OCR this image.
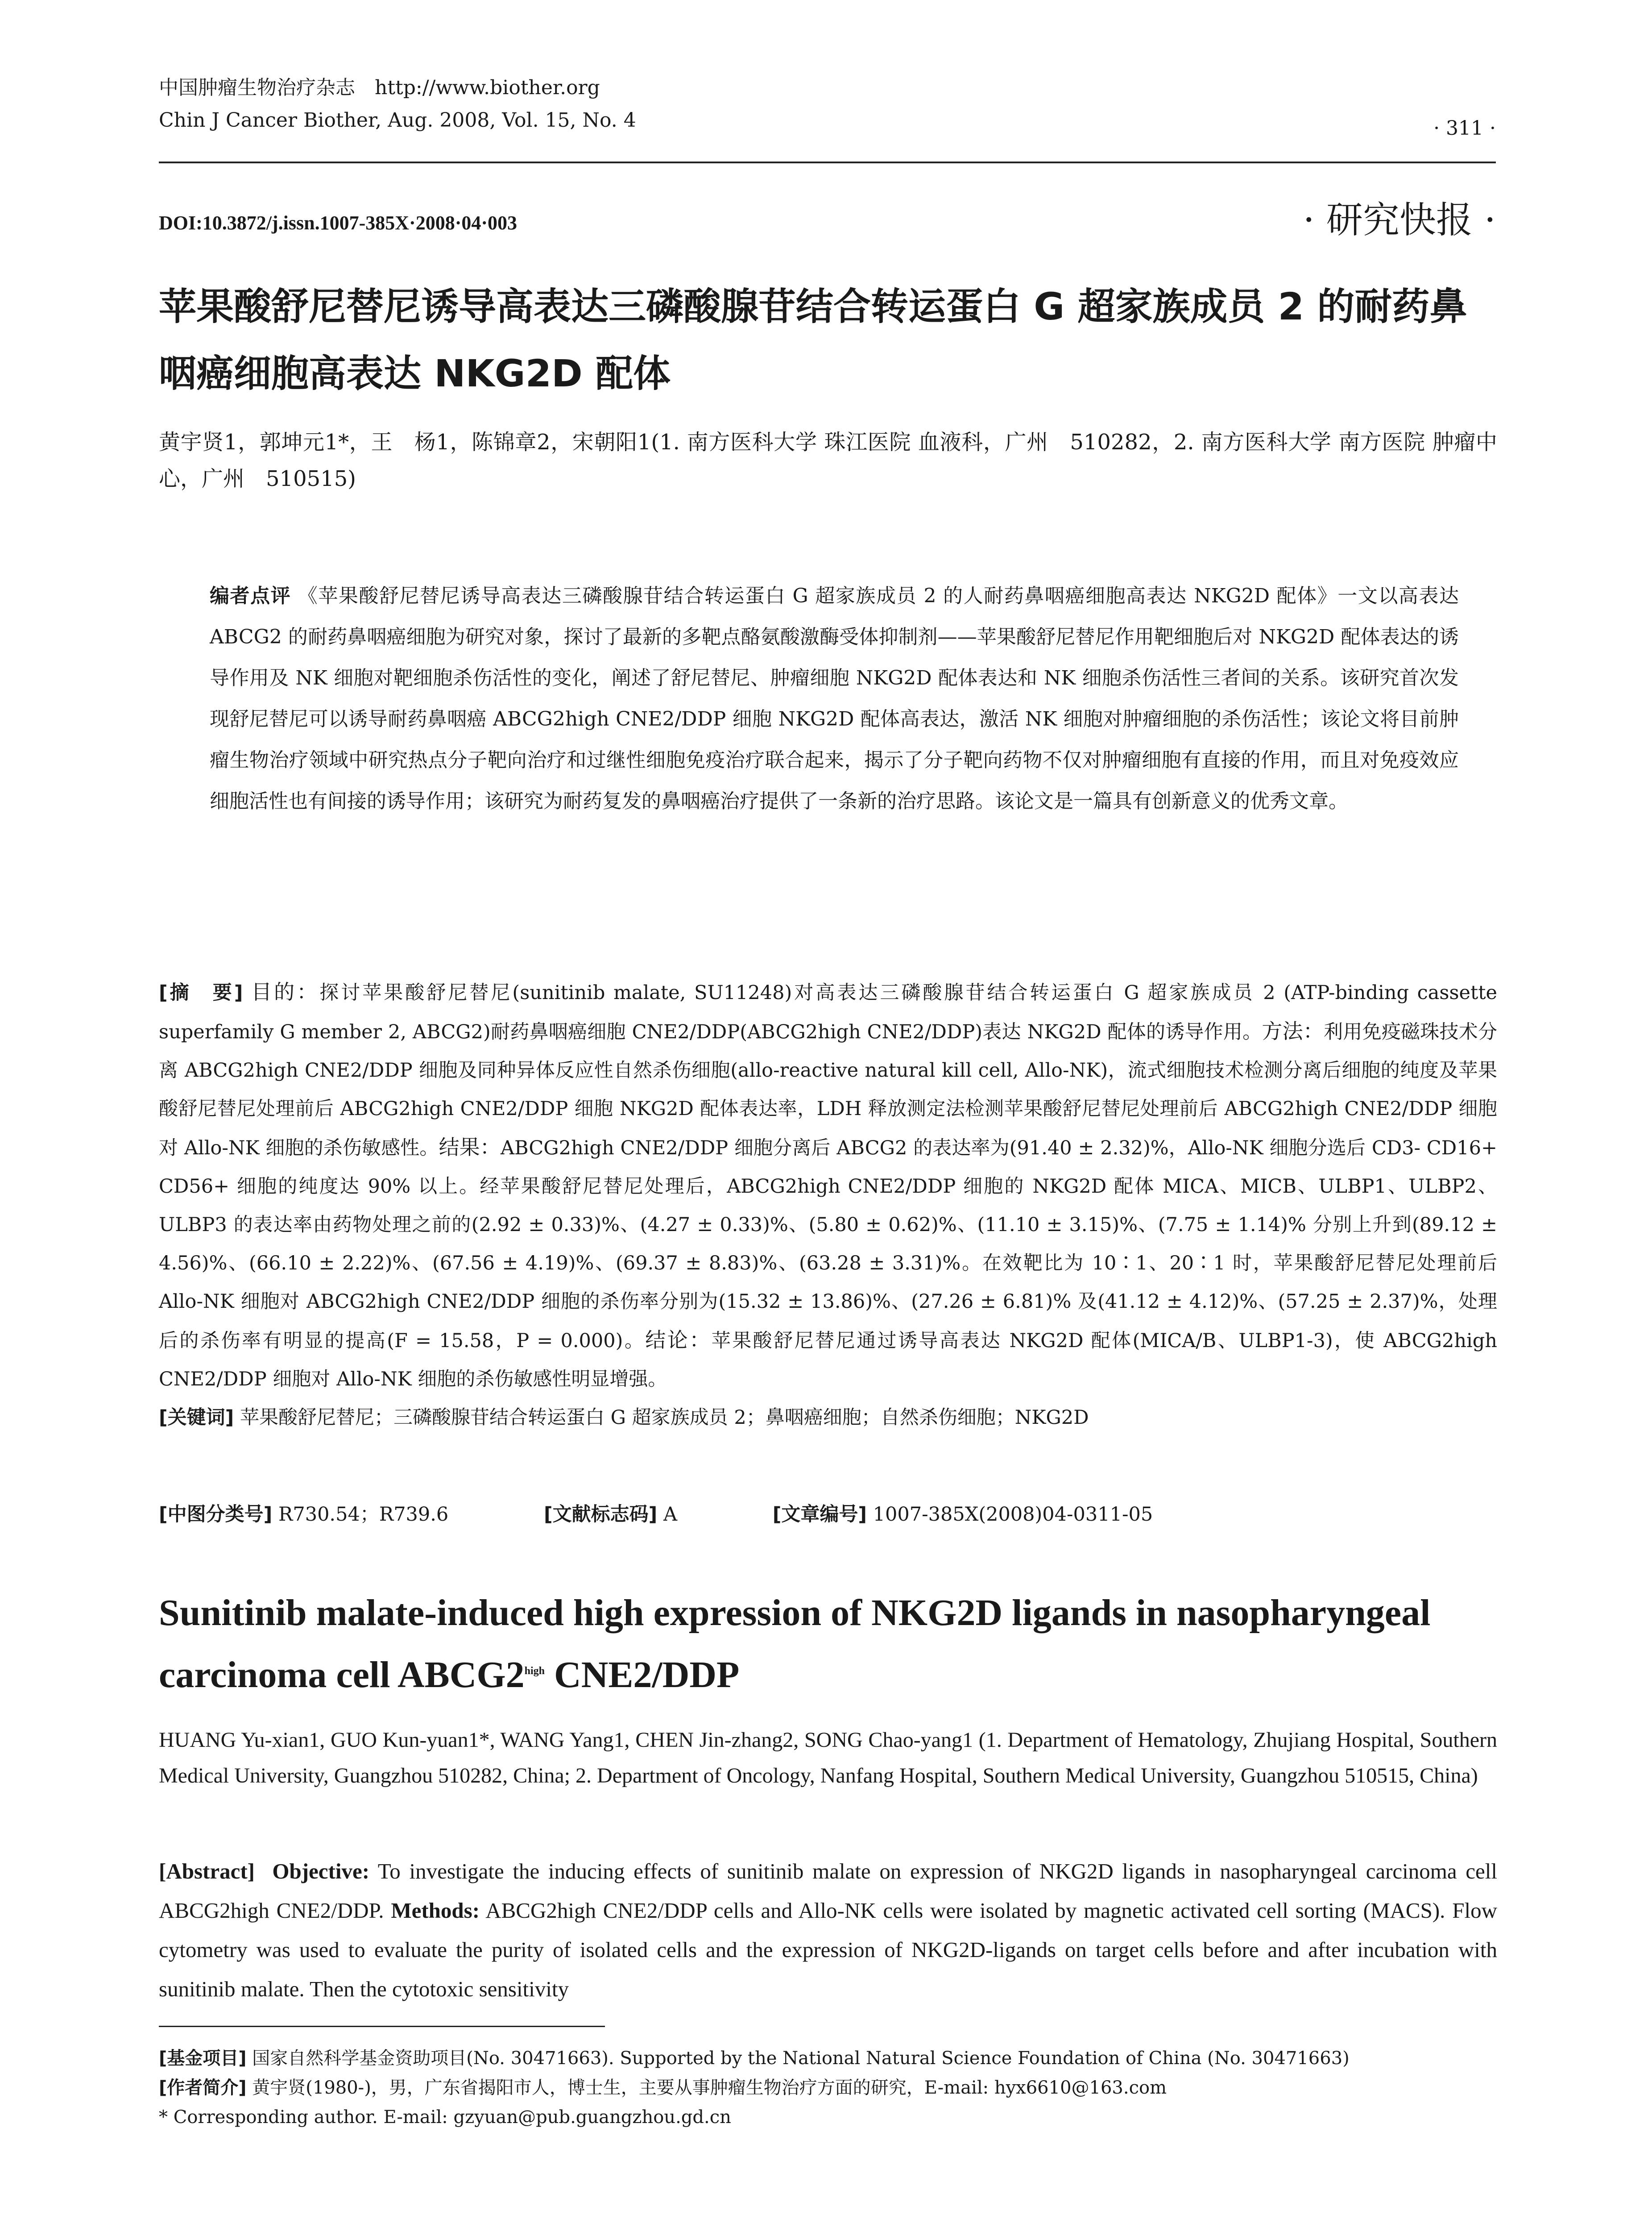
中国肿瘤生物治疗杂志　http://www.biother.org
Chin J Cancer Biother, Aug. 2008, Vol. 15, No. 4	· 311 ·
DOI:10.3872/j.issn.1007-385X·2008·04·003	· 研究快报 ·
苹果酸舒尼替尼诱导高表达三磷酸腺苷结合转运蛋白 G 超家族成员 2 的耐药鼻咽癌细胞高表达 NKG2D 配体
黄宇贤1，郭坤元1*，王　杨1，陈锦章2，宋朝阳1(1. 南方医科大学 珠江医院 血液科，广州　510282，2. 南方医科大学 南方医院 肿瘤中心，广州　510515)
编者点评 《苹果酸舒尼替尼诱导高表达三磷酸腺苷结合转运蛋白 G 超家族成员 2 的人耐药鼻咽癌细胞高表达 NKG2D 配体》一文以高表达 ABCG2 的耐药鼻咽癌细胞为研究对象，探讨了最新的多靶点酪氨酸激酶受体抑制剂——苹果酸舒尼替尼作用靶细胞后对 NKG2D 配体表达的诱导作用及 NK 细胞对靶细胞杀伤活性的变化，阐述了舒尼替尼、肿瘤细胞 NKG2D 配体表达和 NK 细胞杀伤活性三者间的关系。该研究首次发现舒尼替尼可以诱导耐药鼻咽癌 ABCG2high CNE2/DDP 细胞 NKG2D 配体高表达，激活 NK 细胞对肿瘤细胞的杀伤活性；该论文将目前肿瘤生物治疗领域中研究热点分子靶向治疗和过继性细胞免疫治疗联合起来，揭示了分子靶向药物不仅对肿瘤细胞有直接的作用，而且对免疫效应细胞活性也有间接的诱导作用；该研究为耐药复发的鼻咽癌治疗提供了一条新的治疗思路。该论文是一篇具有创新意义的优秀文章。
[摘　要] 目的：探讨苹果酸舒尼替尼(sunitinib malate, SU11248)对高表达三磷酸腺苷结合转运蛋白 G 超家族成员 2 (ATP-binding cassette superfamily G member 2, ABCG2)耐药鼻咽癌细胞 CNE2/DDP(ABCG2high CNE2/DDP)表达 NKG2D 配体的诱导作用。方法：利用免疫磁珠技术分离 ABCG2high CNE2/DDP 细胞及同种异体反应性自然杀伤细胞(allo-reactive natural kill cell, Allo-NK)，流式细胞技术检测分离后细胞的纯度及苹果酸舒尼替尼处理前后 ABCG2high CNE2/DDP 细胞 NKG2D 配体表达率，LDH 释放测定法检测苹果酸舒尼替尼处理前后 ABCG2high CNE2/DDP 细胞对 Allo-NK 细胞的杀伤敏感性。结果：ABCG2high CNE2/DDP 细胞分离后 ABCG2 的表达率为(91.40 ± 2.32)%，Allo-NK 细胞分选后 CD3- CD16+ CD56+ 细胞的纯度达 90% 以上。经苹果酸舒尼替尼处理后，ABCG2high CNE2/DDP 细胞的 NKG2D 配体 MICA、MICB、ULBP1、ULBP2、ULBP3 的表达率由药物处理之前的(2.92 ± 0.33)%、(4.27 ± 0.33)%、(5.80 ± 0.62)%、(11.10 ± 3.15)%、(7.75 ± 1.14)% 分别上升到(89.12 ± 4.56)%、(66.10 ± 2.22)%、(67.56 ± 4.19)%、(69.37 ± 8.83)%、(63.28 ± 3.31)%。在效靶比为 10∶1、20∶1 时，苹果酸舒尼替尼处理前后 Allo-NK 细胞对 ABCG2high CNE2/DDP 细胞的杀伤率分别为(15.32 ± 13.86)%、(27.26 ± 6.81)% 及(41.12 ± 4.12)%、(57.25 ± 2.37)%，处理后的杀伤率有明显的提高(F = 15.58，P = 0.000)。结论：苹果酸舒尼替尼通过诱导高表达 NKG2D 配体(MICA/B、ULBP1-3)，使 ABCG2high CNE2/DDP 细胞对 Allo-NK 细胞的杀伤敏感性明显增强。
[关键词] 苹果酸舒尼替尼；三磷酸腺苷结合转运蛋白 G 超家族成员 2；鼻咽癌细胞；自然杀伤细胞；NKG2D
[中图分类号] R730.54；R739.6	[文献标志码] A	[文章编号] 1007-385X(2008)04-0311-05
Sunitinib malate-induced high expression of NKG2D ligands in nasopharyngeal carcinoma cell $ABCG2^{high}$ CNE2/DDP
HUANG Yu-xian1, GUO Kun-yuan1*, WANG Yang1, CHEN Jin-zhang2, SONG Chao-yang1 (1. Department of Hematology, Zhujiang Hospital, Southern Medical University, Guangzhou 510282, China; 2. Department of Oncology, Nanfang Hospital, Southern Medical University, Guangzhou 510515, China)
[Abstract] Objective: To investigate the inducing effects of sunitinib malate on expression of NKG2D ligands in nasopharyngeal carcinoma cell ABCG2high CNE2/DDP. Methods: ABCG2high CNE2/DDP cells and Allo-NK cells were isolated by magnetic activated cell sorting (MACS). Flow cytometry was used to evaluate the purity of isolated cells and the expression of NKG2D-ligands on target cells before and after incubation with sunitinib malate. Then the cytotoxic sensitivity
[基金项目] 国家自然科学基金资助项目(No. 30471663). Supported by the National Natural Science Foundation of China (No. 30471663)
[作者简介] 黄宇贤(1980-)，男，广东省揭阳市人，博士生，主要从事肿瘤生物治疗方面的研究，E-mail: hyx6610@163.com
* Corresponding author. E-mail: gzyuan@pub.guangzhou.gd.cn
